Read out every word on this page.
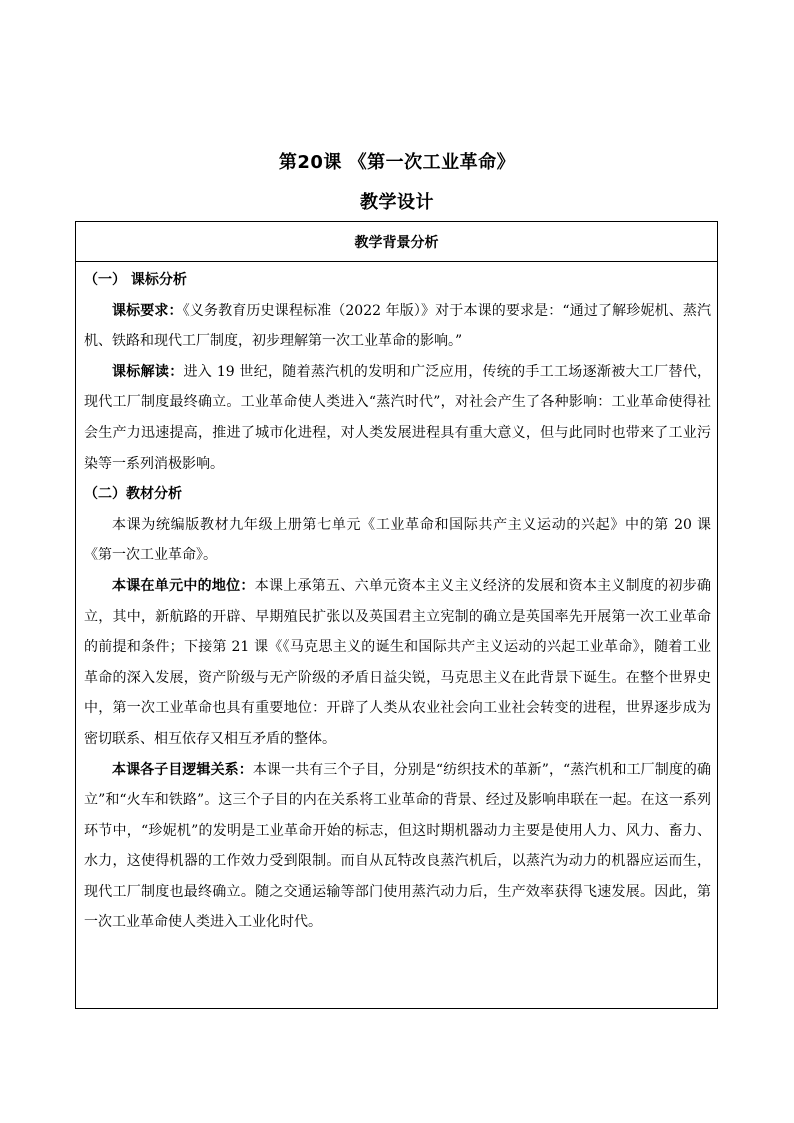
第20课 《第一次工业革命》
教学设计
教学背景分析
（一） 课标分析

课标要求：《义务教育历史课程标准（2022 年版）》对于本课的要求是：“通过了解珍妮机、蒸汽机、铁路和现代工厂制度，初步理解第一次工业革命的影响。”

课标解读：进入 19 世纪，随着蒸汽机的发明和广泛应用，传统的手工工场逐渐被大工厂替代，现代工厂制度最终确立。工业革命使人类进入“蒸汽时代”，对社会产生了各种影响：工业革命使得社会生产力迅速提高，推进了城市化进程，对人类发展进程具有重大意义，但与此同时也带来了工业污染等一系列消极影响。

（二）教材分析

本课为统编版教材九年级上册第七单元《工业革命和国际共产主义运动的兴起》中的第 20 课《第一次工业革命》。

本课在单元中的地位：本课上承第五、六单元资本主义主义经济的发展和资本主义制度的初步确立，其中，新航路的开辟、早期殖民扩张以及英国君主立宪制的确立是英国率先开展第一次工业革命的前提和条件；下接第 21 课《《马克思主义的诞生和国际共产主义运动的兴起工业革命》，随着工业革命的深入发展，资产阶级与无产阶级的矛盾日益尖锐，马克思主义在此背景下诞生。在整个世界史中，第一次工业革命也具有重要地位：开辟了人类从农业社会向工业社会转变的进程，世界逐步成为密切联系、相互依存又相互矛盾的整体。

本课各子目逻辑关系：本课一共有三个子目，分别是“纺织技术的革新”，“蒸汽机和工厂制度的确立”和“火车和铁路”。这三个子目的内在关系将工业革命的背景、经过及影响串联在一起。在这一系列环节中，“珍妮机”的发明是工业革命开始的标志，但这时期机器动力主要是使用人力、风力、畜力、水力，这使得机器的工作效力受到限制。而自从瓦特改良蒸汽机后，以蒸汽为动力的机器应运而生，现代工厂制度也最终确立。随之交通运输等部门使用蒸汽动力后，生产效率获得飞速发展。因此，第一次工业革命使人类进入工业化时代。
